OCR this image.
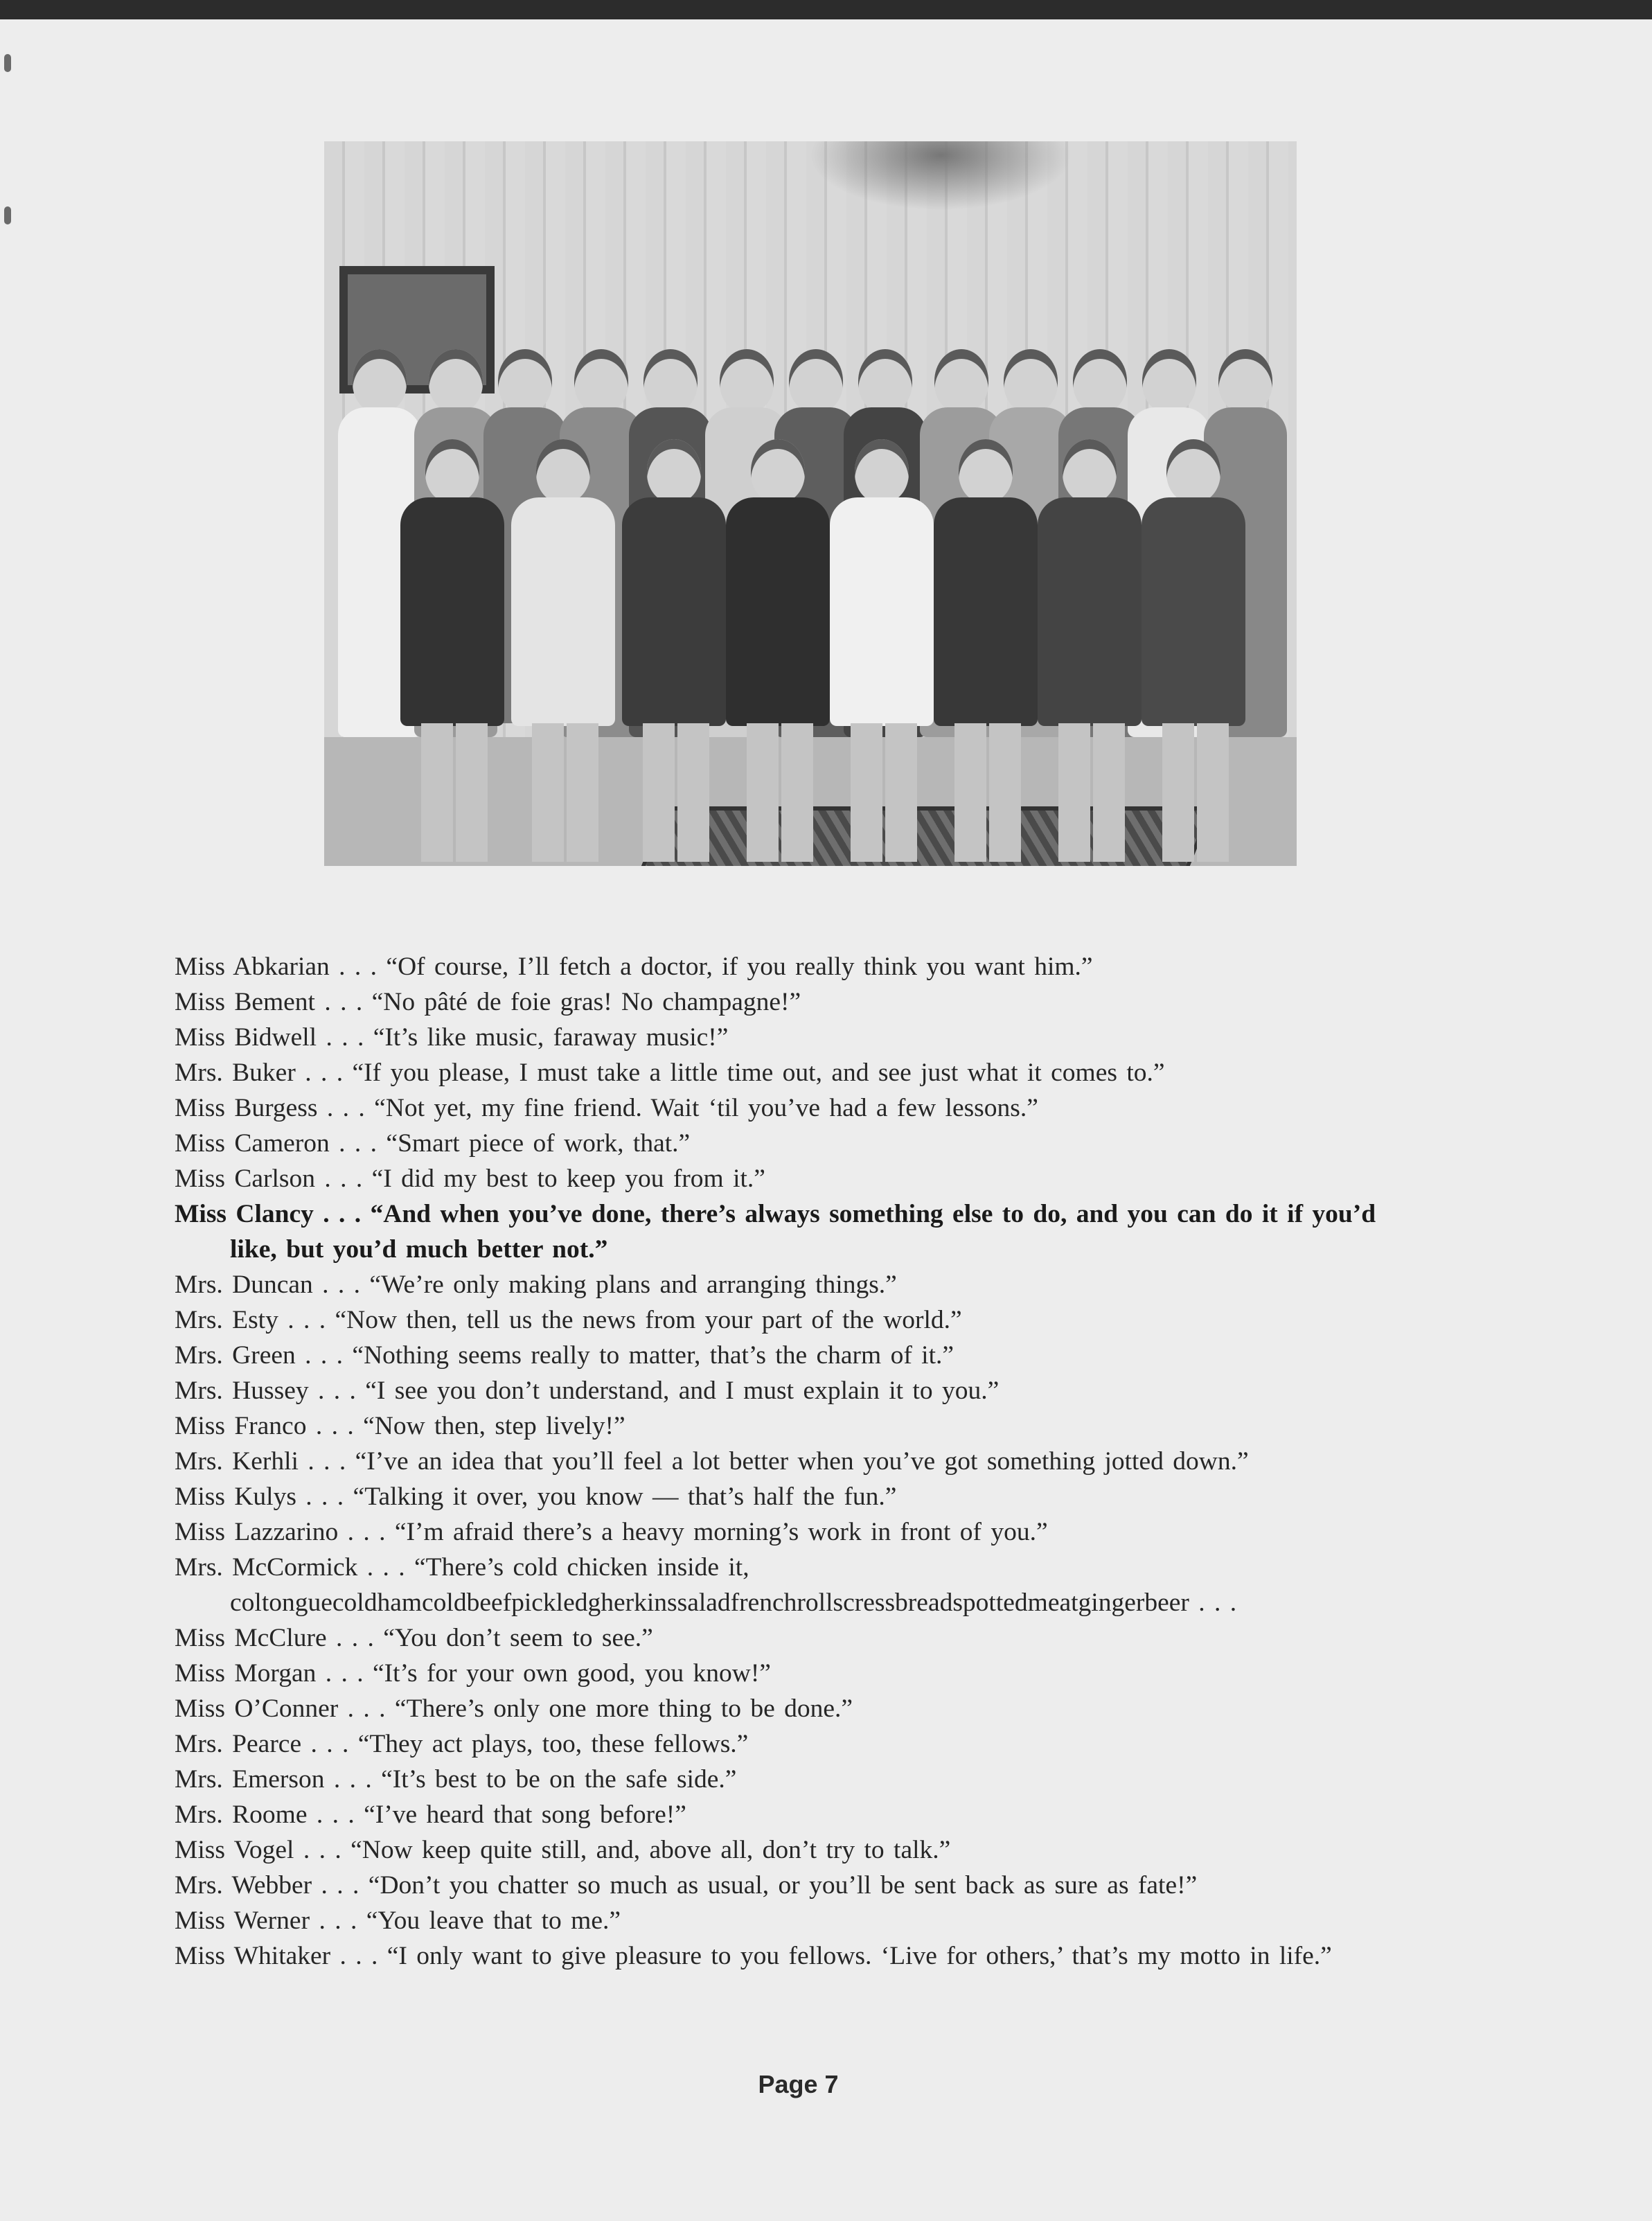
Miss Abkarian . . . “Of course, I’ll fetch a doctor, if you really think you want him.”
Miss Bement . . . “No pâté de foie gras! No champagne!”
Miss Bidwell . . . “It’s like music, faraway music!”
Mrs. Buker . . . “If you please, I must take a little time out, and see just what it comes to.”
Miss Burgess . . . “Not yet, my fine friend. Wait ‘til you’ve had a few lessons.”
Miss Cameron . . . “Smart piece of work, that.”
Miss Carlson . . . “I did my best to keep you from it.”
Miss Clancy . . . “And when you’ve done, there’s always something else to do, and you can do it if you’d like, but you’d much better not.”
Mrs. Duncan . . . “We’re only making plans and arranging things.”
Mrs. Esty . . . “Now then, tell us the news from your part of the world.”
Mrs. Green . . . “Nothing seems really to matter, that’s the charm of it.”
Mrs. Hussey . . . “I see you don’t understand, and I must explain it to you.”
Miss Franco . . . “Now then, step lively!”
Mrs. Kerhli . . . “I’ve an idea that you’ll feel a lot better when you’ve got something jotted down.”
Miss Kulys . . . “Talking it over, you know — that’s half the fun.”
Miss Lazzarino . . . “I’m afraid there’s a heavy morning’s work in front of you.”
Mrs. McCormick . . . “There’s cold chicken inside it, coltonguecoldhamcoldbeefpickledgherkinssaladfrenchrollscressbreadspottedmeatgingerbeer . . .
Miss McClure . . . “You don’t seem to see.”
Miss Morgan . . . “It’s for your own good, you know!”
Miss O’Conner . . . “There’s only one more thing to be done.”
Mrs. Pearce . . . “They act plays, too, these fellows.”
Mrs. Emerson . . . “It’s best to be on the safe side.”
Mrs. Roome . . . “I’ve heard that song before!”
Miss Vogel . . . “Now keep quite still, and, above all, don’t try to talk.”
Mrs. Webber . . . “Don’t you chatter so much as usual, or you’ll be sent back as sure as fate!”
Miss Werner . . . “You leave that to me.”
Miss Whitaker . . . “I only want to give pleasure to you fellows. ‘Live for others,’ that’s my motto in life.”
Page 7
